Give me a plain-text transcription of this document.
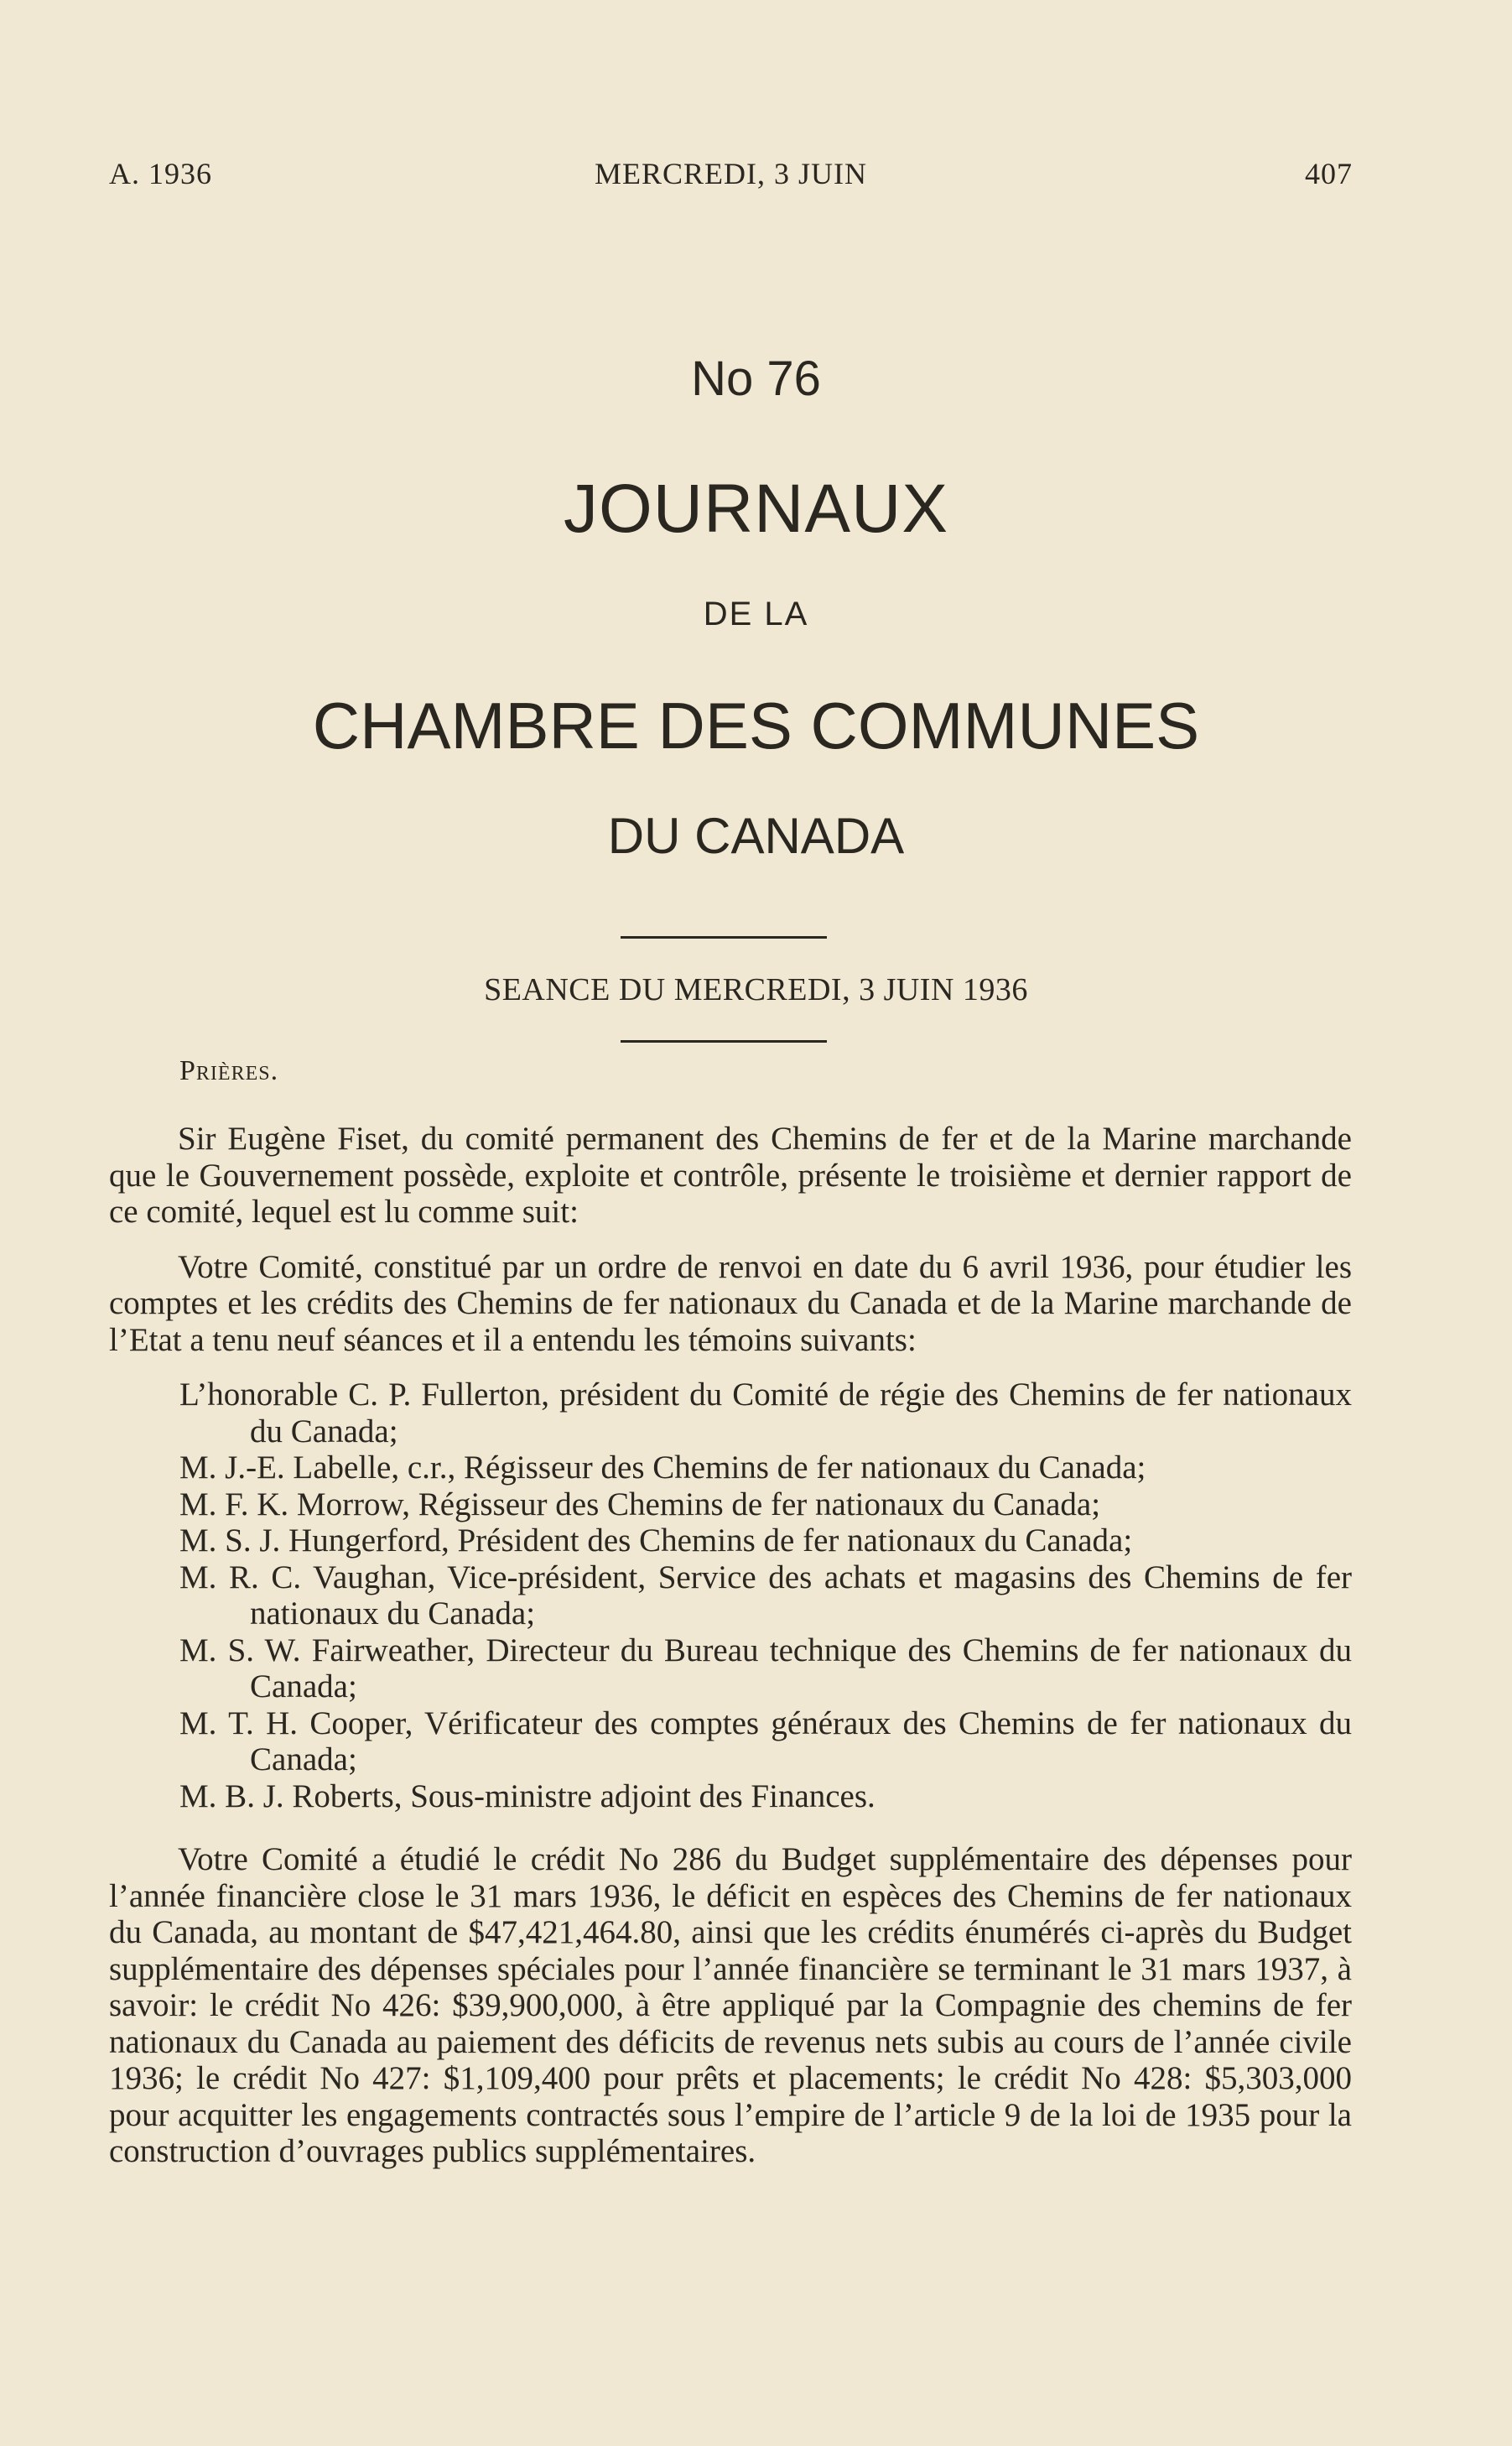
A. 1936	MERCREDI, 3 JUIN	407
No 76
JOURNAUX
DE LA
CHAMBRE DES COMMUNES
DU CANADA
SEANCE DU MERCREDI, 3 JUIN 1936
Prières.

Sir Eugène Fiset, du comité permanent des Chemins de fer et de la Marine marchande que le Gouvernement possède, exploite et contrôle, présente le troisième et dernier rapport de ce comité, lequel est lu comme suit:

Votre Comité, constitué par un ordre de renvoi en date du 6 avril 1936, pour étudier les comptes et les crédits des Chemins de fer nationaux du Canada et de la Marine marchande de l’Etat a tenu neuf séances et il a entendu les témoins suivants:

L’honorable C. P. Fullerton, président du Comité de régie des Chemins de fer nationaux du Canada;
M. J.-E. Labelle, c.r., Régisseur des Chemins de fer nationaux du Canada;
M. F. K. Morrow, Régisseur des Chemins de fer nationaux du Canada;
M. S. J. Hungerford, Président des Chemins de fer nationaux du Canada;
M. R. C. Vaughan, Vice-président, Service des achats et magasins des Chemins de fer nationaux du Canada;
M. S. W. Fairweather, Directeur du Bureau technique des Chemins de fer nationaux du Canada;
M. T. H. Cooper, Vérificateur des comptes généraux des Chemins de fer nationaux du Canada;
M. B. J. Roberts, Sous-ministre adjoint des Finances.

Votre Comité a étudié le crédit No 286 du Budget supplémentaire des dépenses pour l’année financière close le 31 mars 1936, le déficit en espèces des Chemins de fer nationaux du Canada, au montant de $47,421,464.80, ainsi que les crédits énumérés ci-après du Budget supplémentaire des dépenses spéciales pour l’année financière se terminant le 31 mars 1937, à savoir: le crédit No 426: $39,900,000, à être appliqué par la Compagnie des chemins de fer nationaux du Canada au paiement des déficits de revenus nets subis au cours de l’année civile 1936; le crédit No 427: $1,109,400 pour prêts et placements; le crédit No 428: $5,303,000 pour acquitter les engagements contractés sous l’empire de l’article 9 de la loi de 1935 pour la construction d’ouvrages publics supplémentaires.
